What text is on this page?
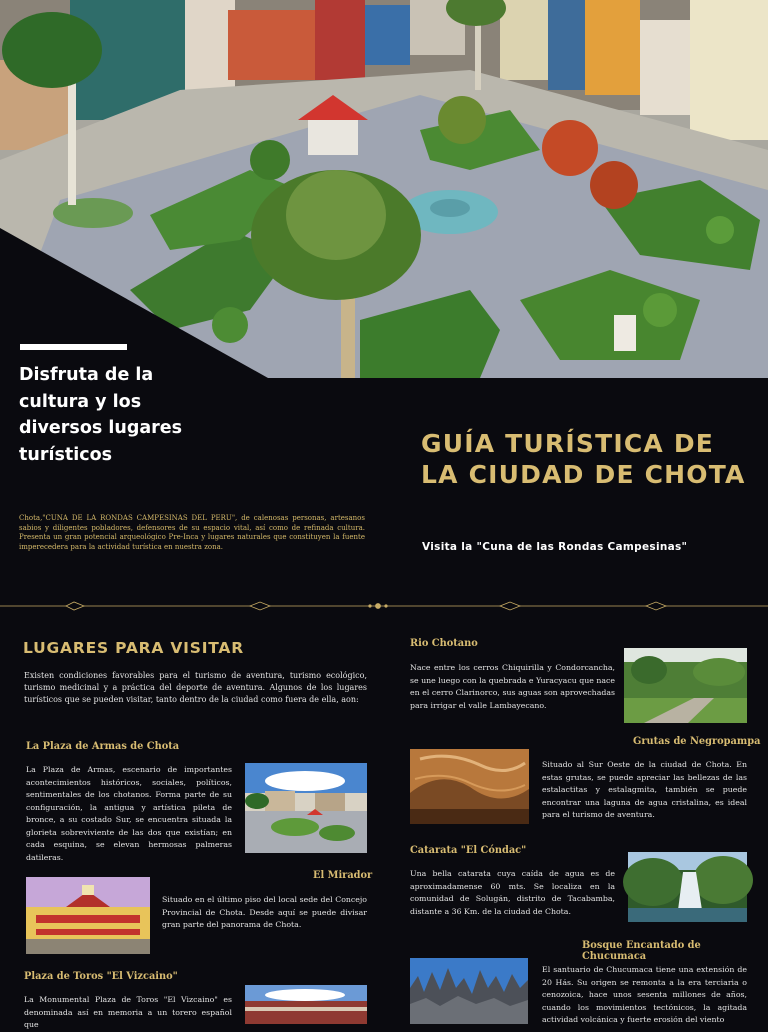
Disfruta de la cultura y los diversos lugares turísticos
Chota,"CUNA DE LA RONDAS CAMPESINAS DEL PERU", de calenosas personas, artesanos sabios y diligentes pobladores, defensores de su espacio vital, así como de refinada cultura. Presenta un gran potencial arqueológico Pre-Inca y lugares naturales que constituyen la fuente imperecedera para la actividad turística en nuestra zona.
GUÍA TURÍSTICA DE LA CIUDAD DE CHOTA
Visita la "Cuna de las Rondas Campesinas"
LUGARES PARA VISITAR

Existen condiciones favorables para el turismo de aventura, turismo ecológico, turismo medicinal y a práctica del deporte de aventura. Algunos de los lugares turísticos que se pueden visitar, tanto dentro de la ciudad como fuera de ella, aon:

La Plaza de Armas de Chota

La Plaza de Armas, escenario de importantes acontecimientos históricos, sociales, políticos, sentimentales de los chotanos. Forma parte de su configuración, la antigua y artística pileta de bronce, a su costado Sur, se encuentra situada la glorieta sobreviviente de las dos que existían; en cada esquina, se elevan hermosas palmeras datileras.

El Mirador

Situado en el último piso del local sede del Concejo Provincial de Chota. Desde aquí se puede divisar gran parte del panorama de Chota.

Plaza de Toros "El Vizcaino"

La Monumental Plaza de Toros "El Vizcaino" es denominada así en memoria a un torero español que

Rio Chotano

Nace entre los cerros Chiquirilla y Condorcancha, se une luego con la quebrada e Yuracyacu que nace en el cerro Clarinorco, sus aguas son aprovechadas para irrigar el valle Lambayecano.

Grutas de Negropampa

Situado al Sur Oeste de la ciudad de Chota. En estas grutas, se puede apreciar las bellezas de las estalactitas y estalagmita, también se puede encontrar una laguna de agua cristalina, es ideal para el turismo de aventura.

Catarata "El Cóndac"

Una bella catarata cuya caída de agua es de aproximadamense 60 mts. Se localiza en la comunidad de Solugán, distrito de Tacabamba, distante a 36 Km. de la ciudad de Chota.

Bosque Encantado de Chucumaca

El santuario de Chucumaca tiene una extensión de 20 Hás. Su origen se remonta a la era terciaria o cenozoica, hace unos sesenta millones de años, cuando los movimientos tectónicos, la agitada actividad volcánica y fuerte erosión del viento
